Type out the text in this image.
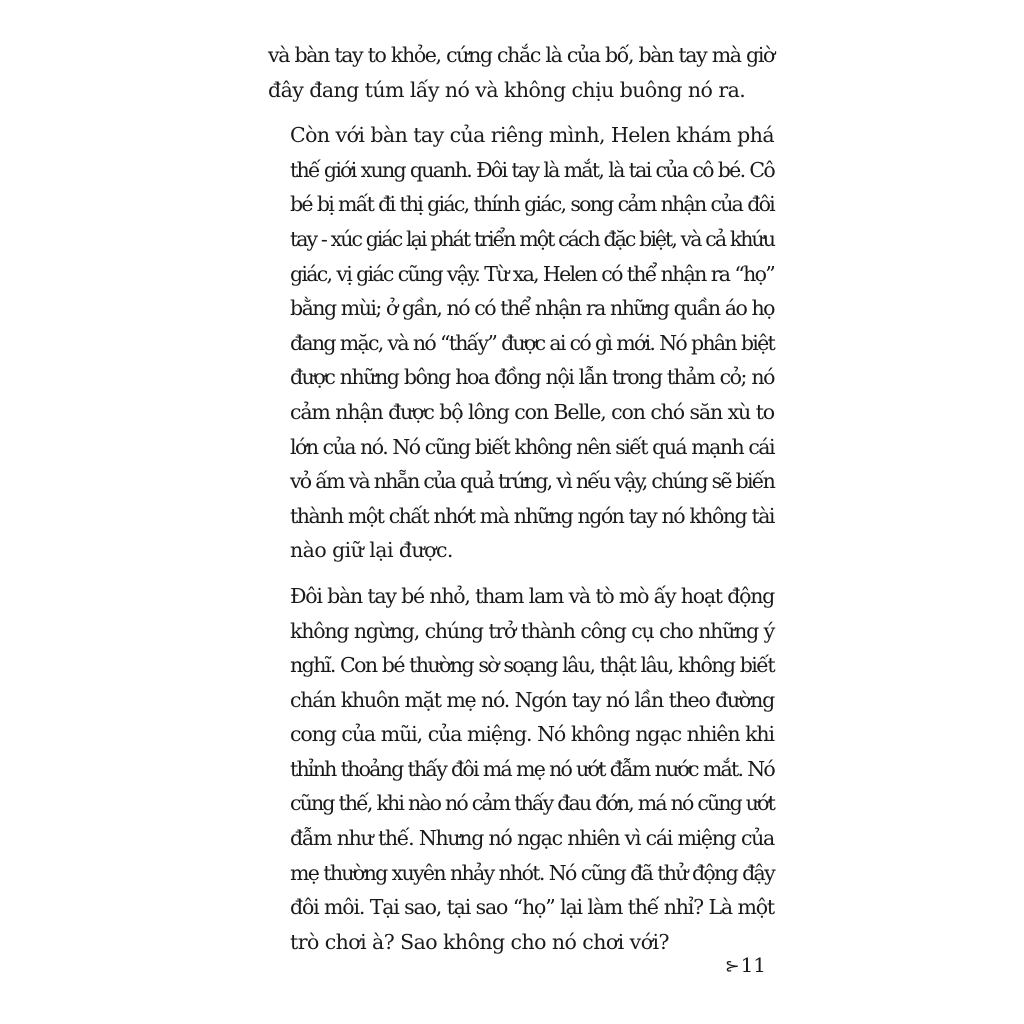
và bàn tay to khỏe, cứng chắc là của bố, bàn tay mà giờ
đây đang túm lấy nó và không chịu buông nó ra.

Còn với bàn tay của riêng mình, Helen khám phá
thế giới xung quanh. Đôi tay là mắt, là tai của cô bé. Cô
bé bị mất đi thị giác, thính giác, song cảm nhận của đôi
tay - xúc giác lại phát triển một cách đặc biệt, và cả khứu
giác, vị giác cũng vậy. Từ xa, Helen có thể nhận ra “họ”
bằng mùi; ở gần, nó có thể nhận ra những quần áo họ
đang mặc, và nó “thấy” được ai có gì mới. Nó phân biệt
được những bông hoa đồng nội lẫn trong thảm cỏ; nó
cảm nhận được bộ lông con Belle, con chó săn xù to
lớn của nó. Nó cũng biết không nên siết quá mạnh cái
vỏ ấm và nhẵn của quả trứng, vì nếu vậy, chúng sẽ biến
thành một chất nhớt mà những ngón tay nó không tài
nào giữ lại được.

Đôi bàn tay bé nhỏ, tham lam và tò mò ấy hoạt động
không ngừng, chúng trở thành công cụ cho những ý
nghĩ. Con bé thường sờ soạng lâu, thật lâu, không biết
chán khuôn mặt mẹ nó. Ngón tay nó lần theo đường
cong của mũi, của miệng. Nó không ngạc nhiên khi
thỉnh thoảng thấy đôi má mẹ nó ướt đẫm nước mắt. Nó
cũng thế, khi nào nó cảm thấy đau đớn, má nó cũng ướt
đẫm như thế. Nhưng nó ngạc nhiên vì cái miệng của
mẹ thường xuyên nhảy nhót. Nó cũng đã thử động đậy
đôi môi. Tại sao, tại sao “họ” lại làm thế nhỉ? Là một
trò chơi à? Sao không cho nó chơi với?

⊱11
